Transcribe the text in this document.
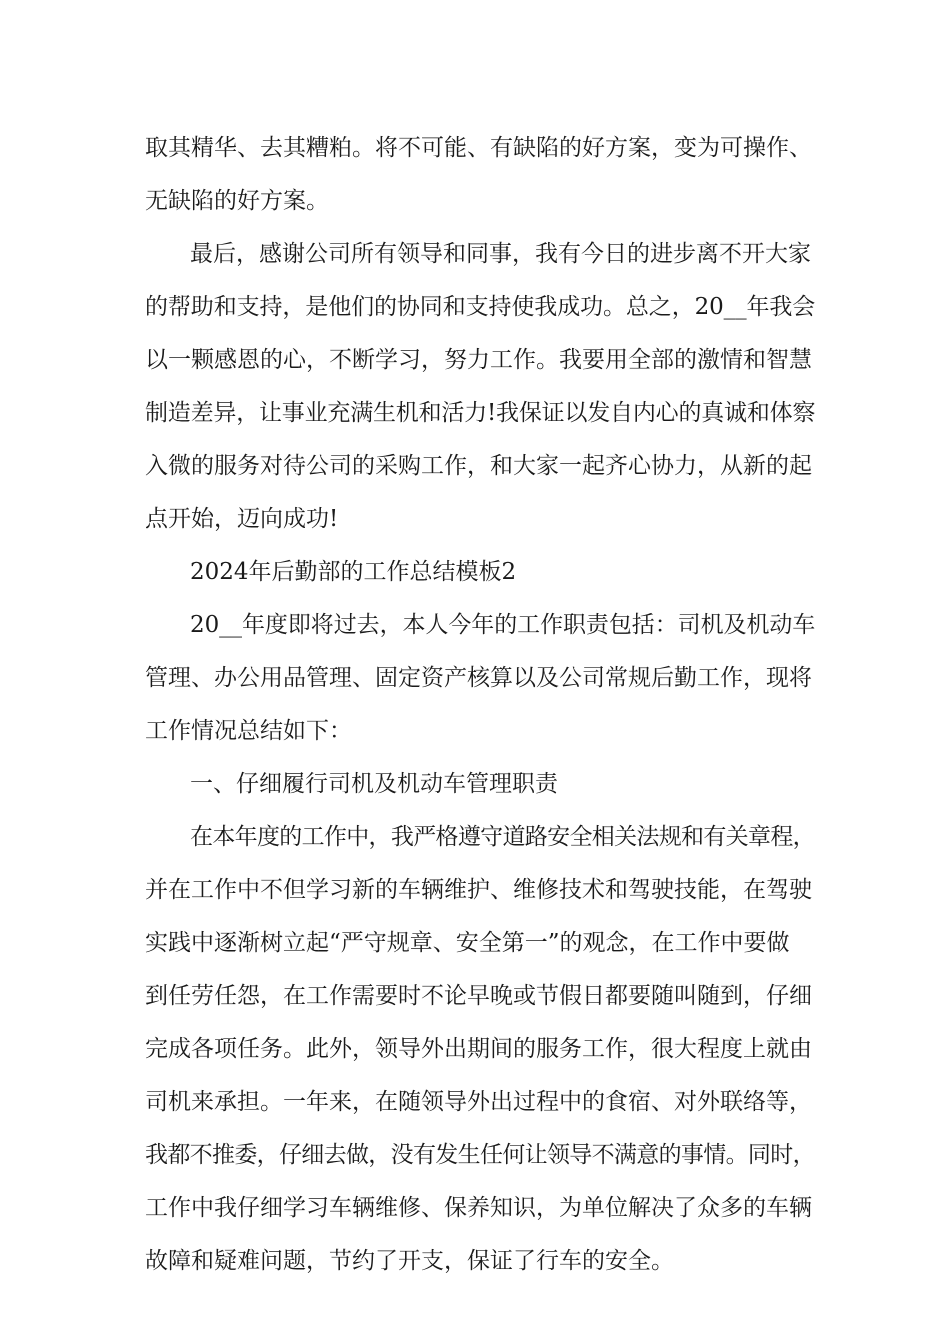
取其精华、去其糟粕。将不可能、有缺陷的好方案，变为可操作、

无缺陷的好方案。

最后，感谢公司所有领导和同事，我有今日的进步离不开大家

的帮助和支持，是他们的协同和支持使我成功。总之，20__年我会

以一颗感恩的心，不断学习，努力工作。我要用全部的激情和智慧

制造差异，让事业充满生机和活力!我保证以发自内心的真诚和体察

入微的服务对待公司的采购工作，和大家一起齐心协力，从新的起

点开始，迈向成功!

2024年后勤部的工作总结模板2

20__年度即将过去，本人今年的工作职责包括：司机及机动车

管理、办公用品管理、固定资产核算以及公司常规后勤工作，现将

工作情况总结如下：

一、仔细履行司机及机动车管理职责

在本年度的工作中，我严格遵守道路安全相关法规和有关章程，

并在工作中不但学习新的车辆维护、维修技术和驾驶技能，在驾驶

实践中逐渐树立起“严守规章、安全第一”的观念，在工作中要做

到任劳任怨，在工作需要时不论早晚或节假日都要随叫随到，仔细

完成各项任务。此外，领导外出期间的服务工作，很大程度上就由

司机来承担。一年来，在随领导外出过程中的食宿、对外联络等，

我都不推委，仔细去做，没有发生任何让领导不满意的事情。同时，

工作中我仔细学习车辆维修、保养知识，为单位解决了众多的车辆

故障和疑难问题，节约了开支，保证了行车的安全。
